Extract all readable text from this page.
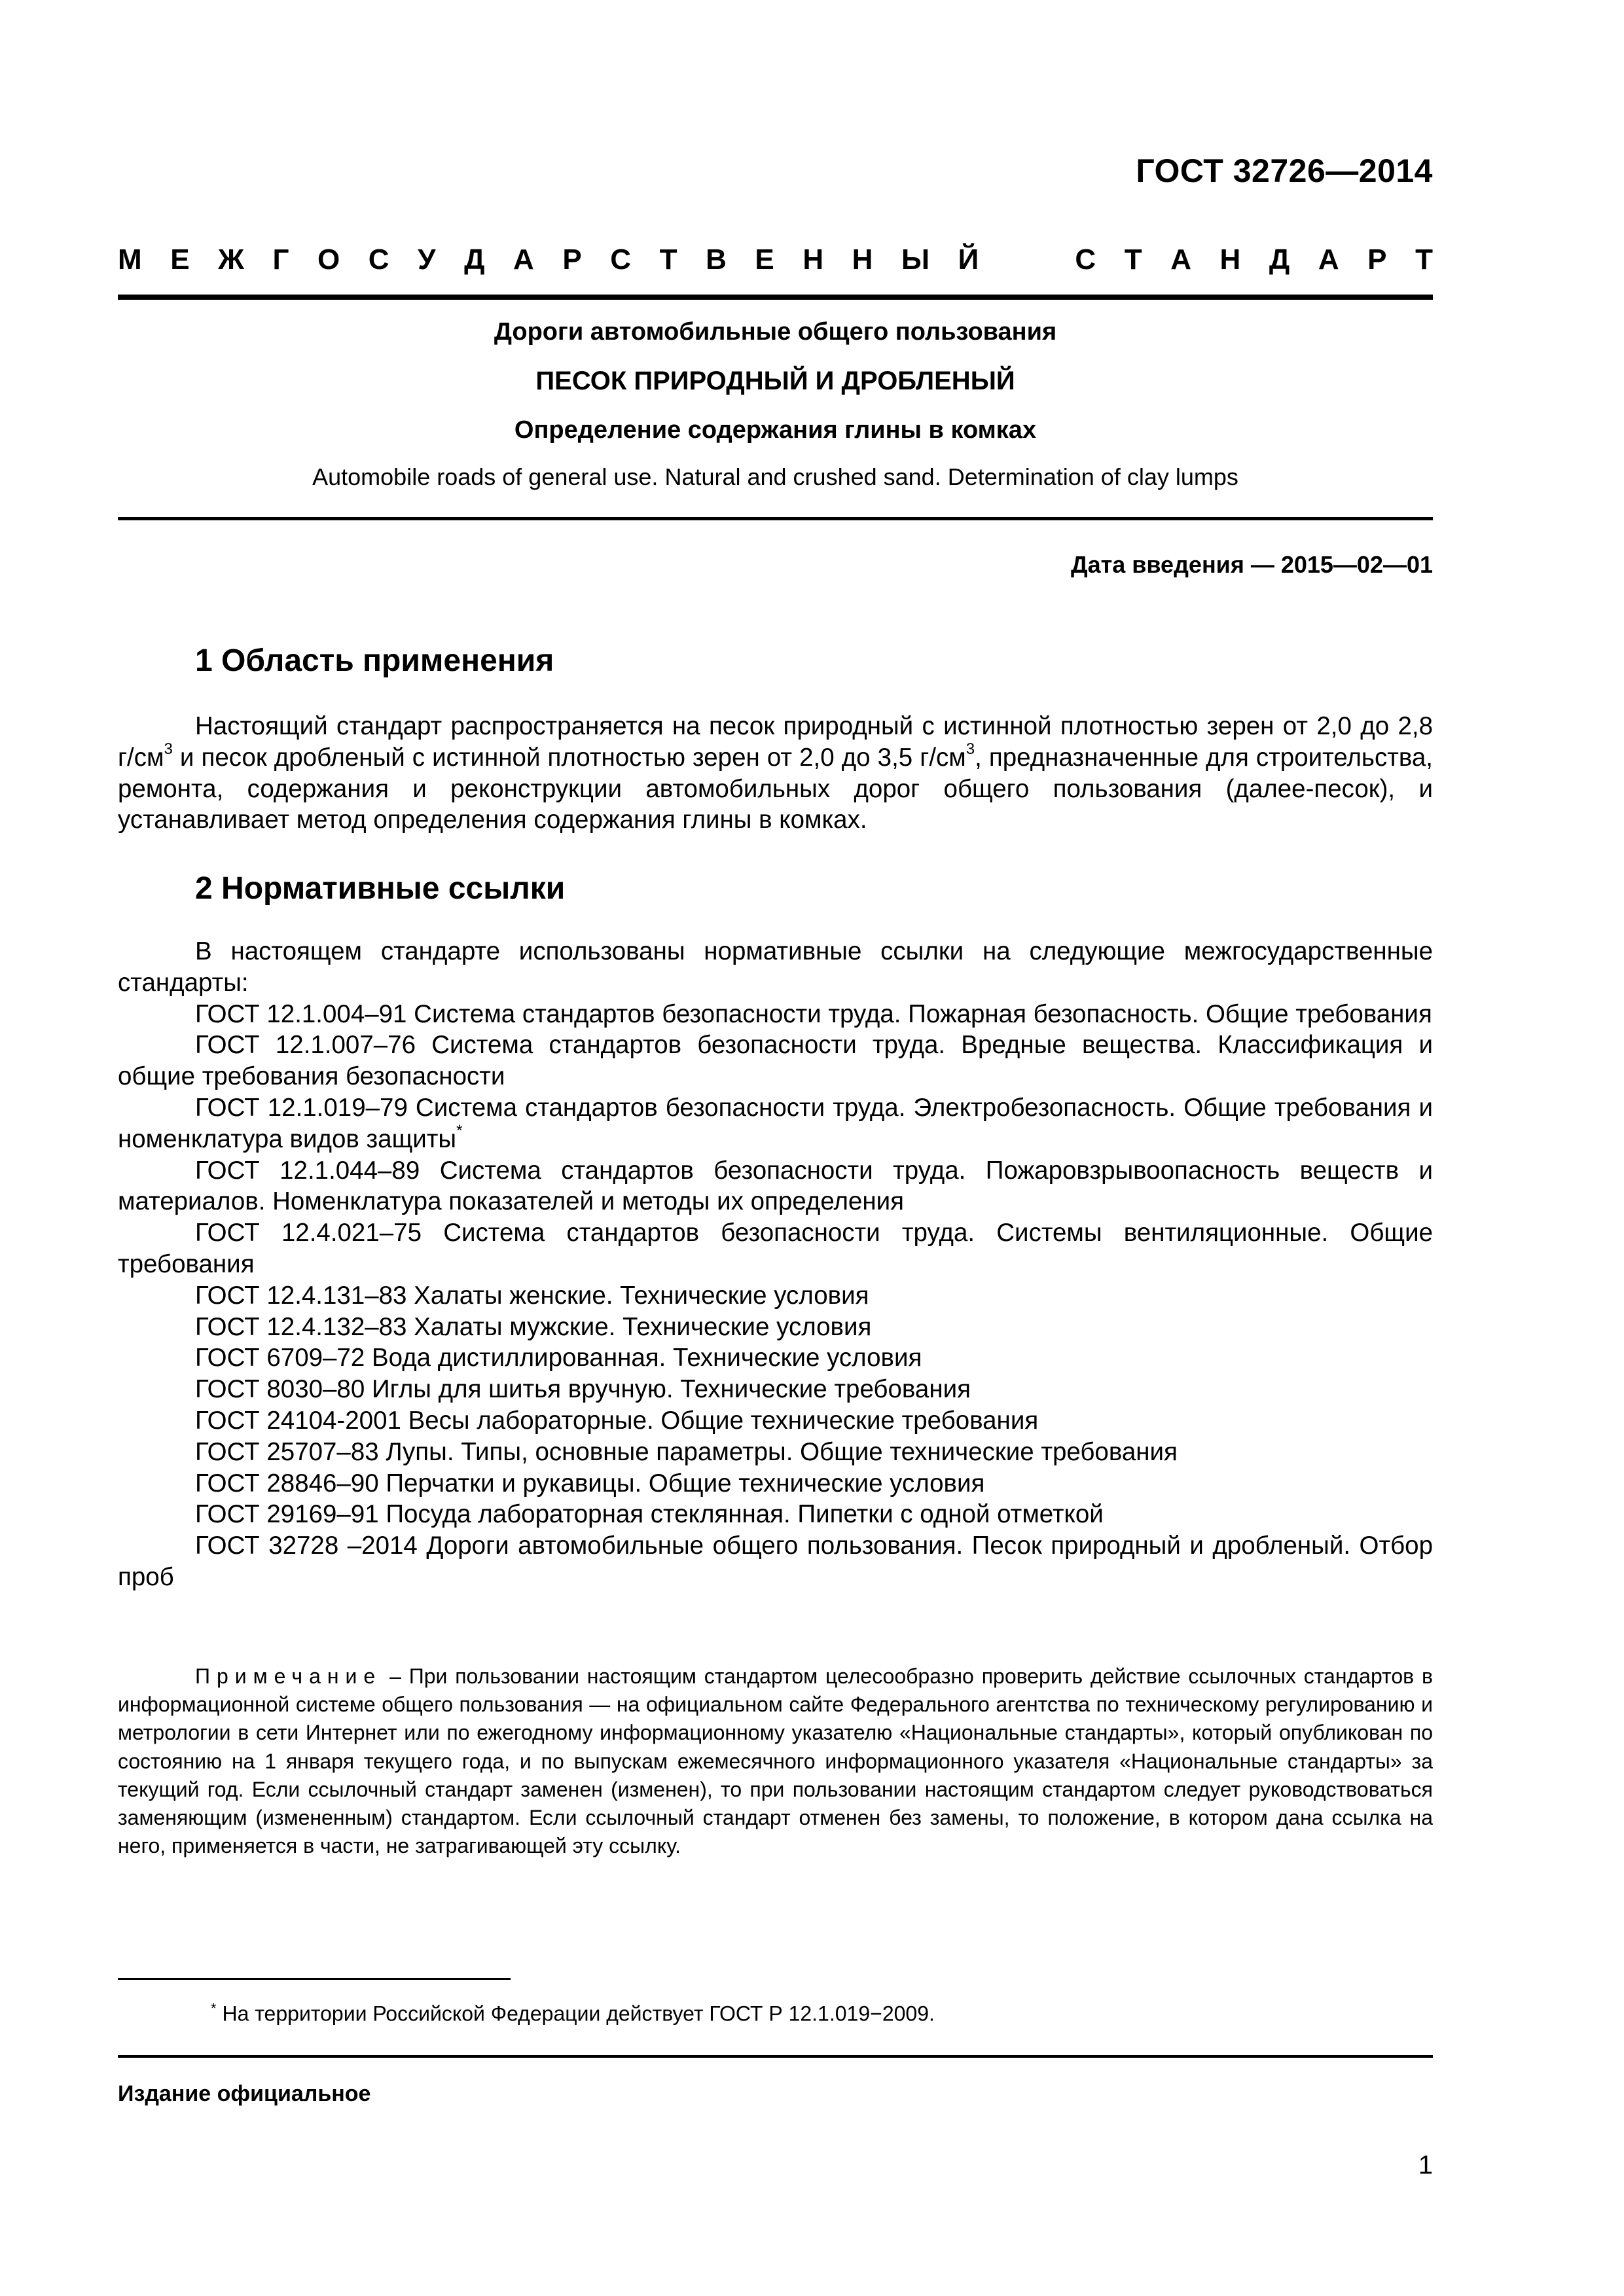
ГОСТ 32726—2014
М Е Ж Г О С У Д А Р С Т В Е Н Н Ы Й	С Т А Н Д А Р Т
Дороги автомобильные общего пользования
ПЕСОК ПРИРОДНЫЙ И ДРОБЛЕНЫЙ
Определение содержания глины в комках
Automobile roads of general use. Natural and crushed sand. Determination of clay lumps
Дата введения — 2015—02—01
1 Область применения

Настоящий стандарт распространяется на песок природный с истинной плотностью зерен от 2,0 до 2,8 $г/см^3$ и песок дробленый с истинной плотностью зерен от 2,0 до 3,5 $г/см^3$, предназначенные для строительства, ремонта, содержания и реконструкции автомобильных дорог общего пользования (далее-песок), и устанавливает метод определения содержания глины в комках.

2 Нормативные ссылки

В настоящем стандарте использованы нормативные ссылки на следующие межгосударственные стандарты:

ГОСТ 12.1.004–91 Система стандартов безопасности труда. Пожарная безопасность. Общие требования

ГОСТ 12.1.007–76 Система стандартов безопасности труда. Вредные вещества. Классификация и общие требования безопасности

ГОСТ 12.1.019–79 Система стандартов безопасности труда. Электробезопасность. Общие требования и номенклатура видов защиты*

ГОСТ 12.1.044–89 Система стандартов безопасности труда. Пожаровзрывоопасность веществ и материалов. Номенклатура показателей и методы их определения

ГОСТ 12.4.021–75 Система стандартов безопасности труда. Системы вентиляционные. Общие требования

ГОСТ 12.4.131–83 Халаты женские. Технические условия

ГОСТ 12.4.132–83 Халаты мужские. Технические условия

ГОСТ 6709–72 Вода дистиллированная. Технические условия

ГОСТ 8030–80 Иглы для шитья вручную. Технические требования

ГОСТ 24104-2001 Весы лабораторные. Общие технические требования

ГОСТ 25707–83 Лупы. Типы, основные параметры. Общие технические требования

ГОСТ 28846–90 Перчатки и рукавицы. Общие технические условия

ГОСТ 29169–91 Посуда лабораторная стеклянная. Пипетки с одной отметкой

ГОСТ 32728 –2014 Дороги автомобильные общего пользования. Песок природный и дробленый. Отбор проб

Примечание – При пользовании настоящим стандартом целесообразно проверить действие ссылочных стандартов в информационной системе общего пользования — на официальном сайте Федерального агентства по техническому регулированию и метрологии в сети Интернет или по ежегодному информационному указателю «Национальные стандарты», который опубликован по состоянию на 1 января текущего года, и по выпускам ежемесячного информационного указателя «Национальные стандарты» за текущий год. Если ссылочный стандарт заменен (изменен), то при пользовании настоящим стандартом следует руководствоваться заменяющим (измененным) стандартом. Если ссылочный стандарт отменен без замены, то положение, в котором дана ссылка на него, применяется в части, не затрагивающей эту ссылку.
* На территории Российской Федерации действует ГОСТ Р 12.1.019−2009.
Издание официальное
1
